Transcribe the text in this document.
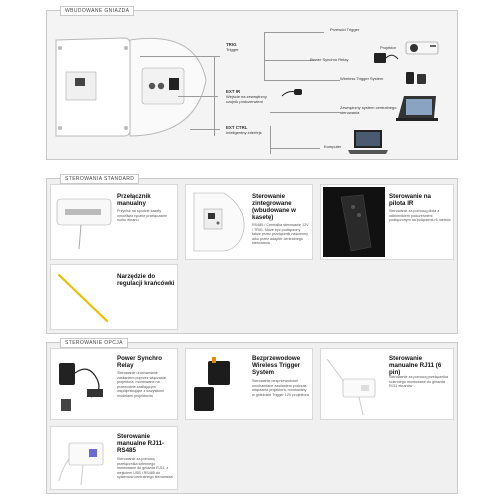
WBUDOWANE GNIAZDA
TRIG
Trigger
EXT IR
Wejście na zewnętrzny czujnik podczerwieni
EXT CTRL
Inteligentny interfejs
Przewód Trigger
Projektor
Power Synchro Relay
Wireless Trigger System
Zewnętrzny system centralnego sterowania
Komputer
STEROWANIA STANDARD
Przełącznik manualny
Przycisk na spodzie kasety umożliwia ręczne przełączanie ruchu ekranu
Sterowanie zintegrowane (wbudowane w kasetę)
RS485 / Centralka sterowanie 12V / TRIG. Może być podłączony także przez przełącznik naścienny albo przez adapter centralnego sterowania
Sterowanie na pilota IR
Sterowanie za pomocą pilota z odbiornikiem podczerwieni podłączonym na połączeniu 6 metrów
Narzędzie do regulacji krańcówki
STEROWANIE OPCJA
Power Synchro Relay
Sterowanie uruchamiane zasilaniem poprzez włączanie projektora, montowane na przewodzie zasilającym współpracujące z wszystkimi modelami projektorów
Bezprzewodowe Wireless Trigger System
Sterowanie bezprzewodowe uruchamiane zasilaniem podczas włączania projektora, montowany w gnieździe Trigger 12V projektora
Sterowanie manualne RJ11 (6 pin)
Sterowanie za pomocą przełącznika ściennego montowane do gniazda RJ11 ekranów
Sterowanie manualne RJ11-RS485
Sterowanie za pomocą przełącznika ściennego montowane do gniazda RJ11, z wejściem USB i RS485 do systemów centralnego sterowania
